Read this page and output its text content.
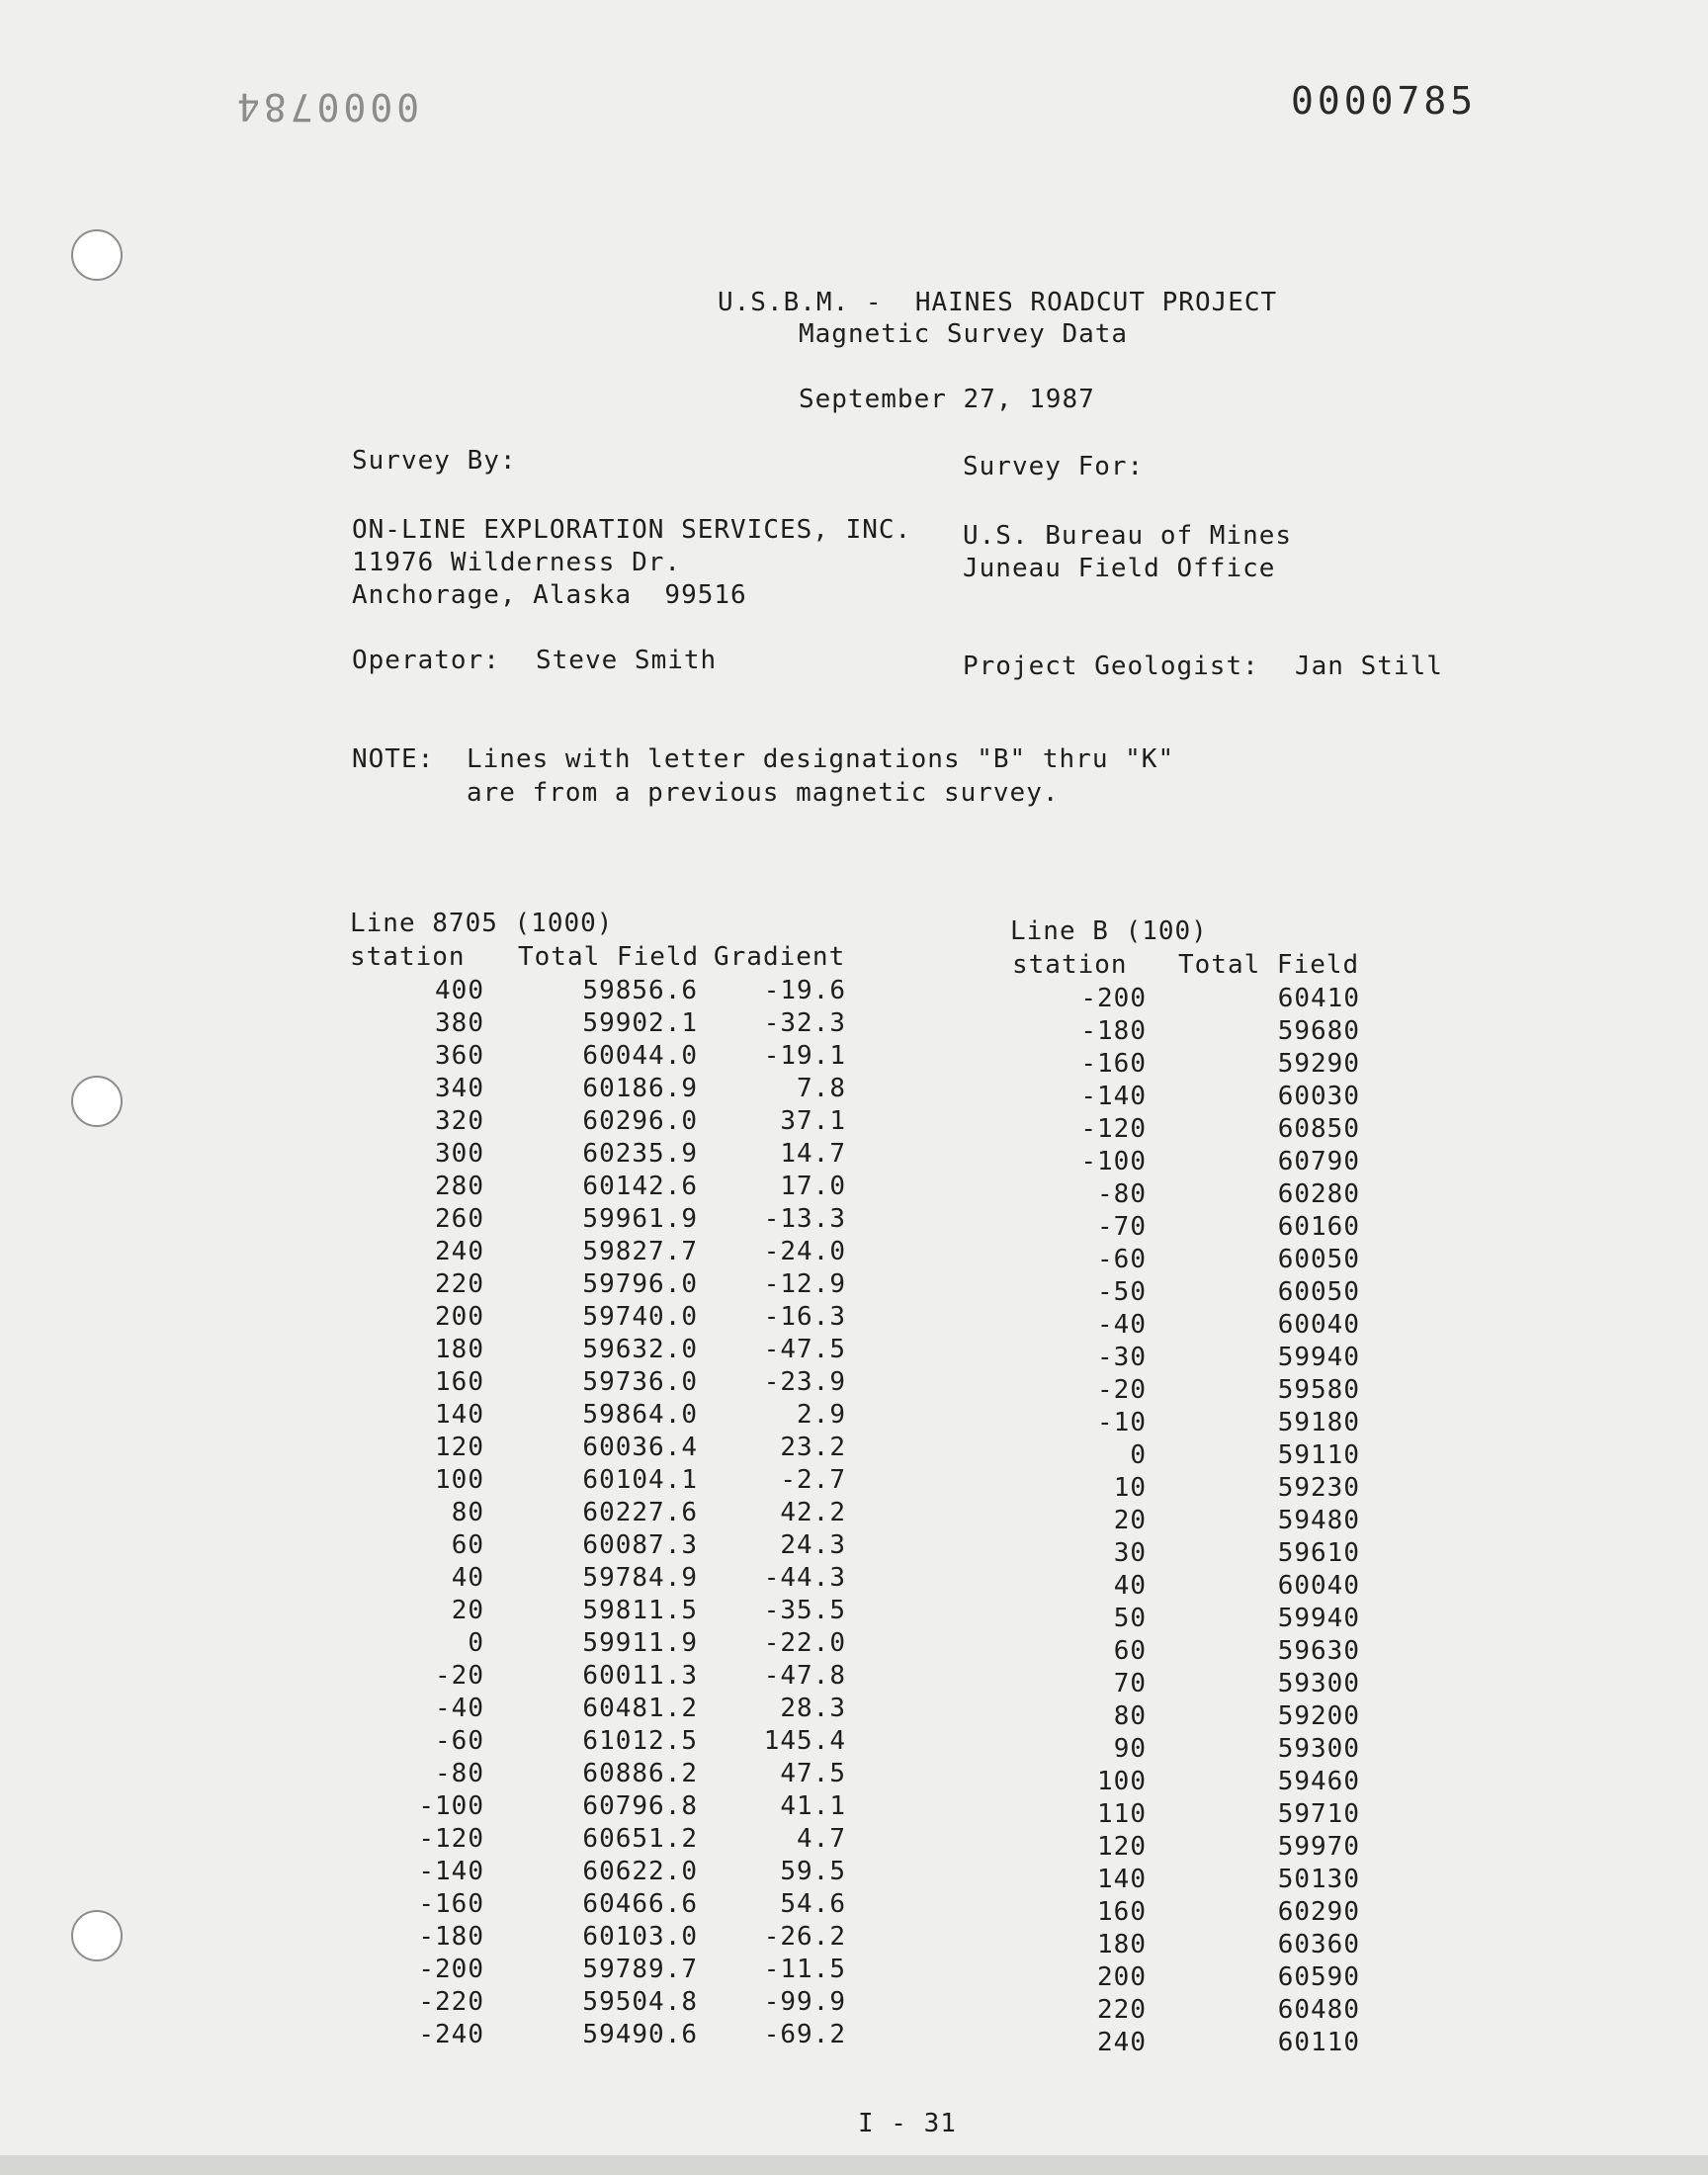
0000784	0000785
U.S.B.M. -  HAINES ROADCUT PROJECT
Magnetic Survey Data
September 27, 1987
Survey By:	Survey For:
ON-LINE EXPLORATION SERVICES, INC.
11976 Wilderness Dr.
Anchorage, Alaska  99516
U.S. Bureau of Mines
Juneau Field Office
Operator: Steve Smith	Project Geologist: Jan Still
NOTE: Lines with letter designations "B" thru "K"
are from a previous magnetic survey.
Line 8705 (1000)
station Total Field Gradient
400	59856.6	-19.6
380	59902.1	-32.3
360	60044.0	-19.1
340	60186.9	7.8
320	60296.0	37.1
300	60235.9	14.7
280	60142.6	17.0
260	59961.9	-13.3
240	59827.7	-24.0
220	59796.0	-12.9
200	59740.0	-16.3
180	59632.0	-47.5
160	59736.0	-23.9
140	59864.0	2.9
120	60036.4	23.2
100	60104.1	-2.7
80	60227.6	42.2
60	60087.3	24.3
40	59784.9	-44.3
20	59811.5	-35.5
0	59911.9	-22.0
-20	60011.3	-47.8
-40	60481.2	28.3
-60	61012.5	145.4
-80	60886.2	47.5
-100	60796.8	41.1
-120	60651.2	4.7
-140	60622.0	59.5
-160	60466.6	54.6
-180	60103.0	-26.2
-200	59789.7	-11.5
-220	59504.8	-99.9
-240	59490.6	-69.2
Line B (100)
station Total Field
-200	60410
-180	59680
-160	59290
-140	60030
-120	60850
-100	60790
-80	60280
-70	60160
-60	60050
-50	60050
-40	60040
-30	59940
-20	59580
-10	59180
0	59110
10	59230
20	59480
30	59610
40	60040
50	59940
60	59630
70	59300
80	59200
90	59300
100	59460
110	59710
120	59970
140	50130
160	60290
180	60360
200	60590
220	60480
240	60110
I - 31
